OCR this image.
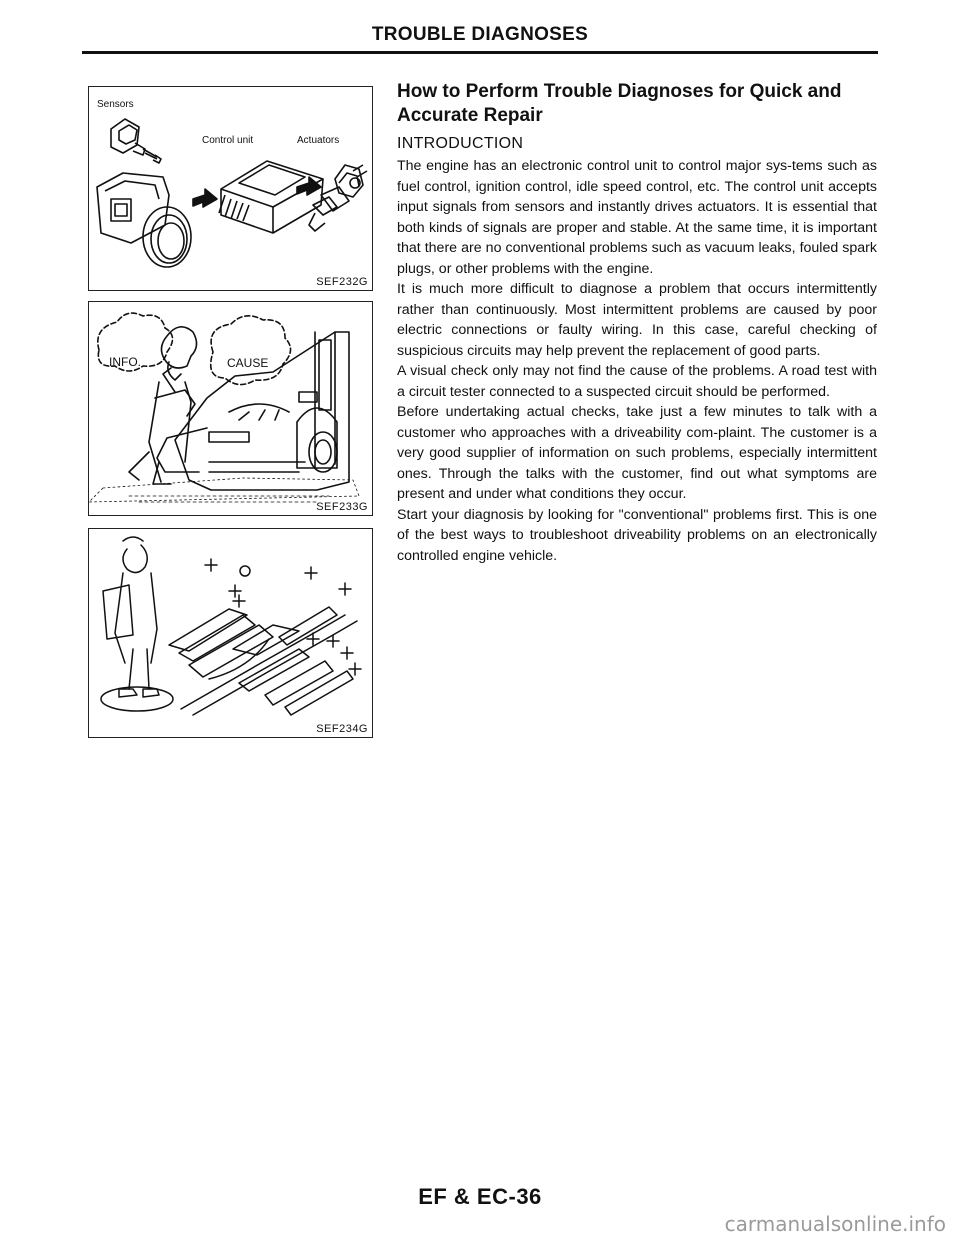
TROUBLE DIAGNOSES
Sensors
Control unit	Actuators
SEF232G
INFO.	CAUSE
SEF233G
SEF234G
How to Perform Trouble Diagnoses for Quick and Accurate Repair
INTRODUCTION

The engine has an electronic control unit to control major sys-tems such as fuel control, ignition control, idle speed control, etc. The control unit accepts input signals from sensors and instantly drives actuators. It is essential that both kinds of signals are proper and stable. At the same time, it is important that there are no conventional problems such as vacuum leaks, fouled spark plugs, or other problems with the engine.

It is much more difficult to diagnose a problem that occurs intermittently rather than continuously. Most intermittent problems are caused by poor electric connections or faulty wiring. In this case, careful checking of suspicious circuits may help prevent the replacement of good parts.

A visual check only may not find the cause of the problems. A road test with a circuit tester connected to a suspected circuit should be performed.

Before undertaking actual checks, take just a few minutes to talk with a customer who approaches with a driveability com-plaint. The customer is a very good supplier of information on such problems, especially intermittent ones. Through the talks with the customer, find out what symptoms are present and under what conditions they occur.

Start your diagnosis by looking for "conventional" problems first. This is one of the best ways to troubleshoot driveability problems on an electronically controlled engine vehicle.

EF & EC-36
carmanualsonline.info
